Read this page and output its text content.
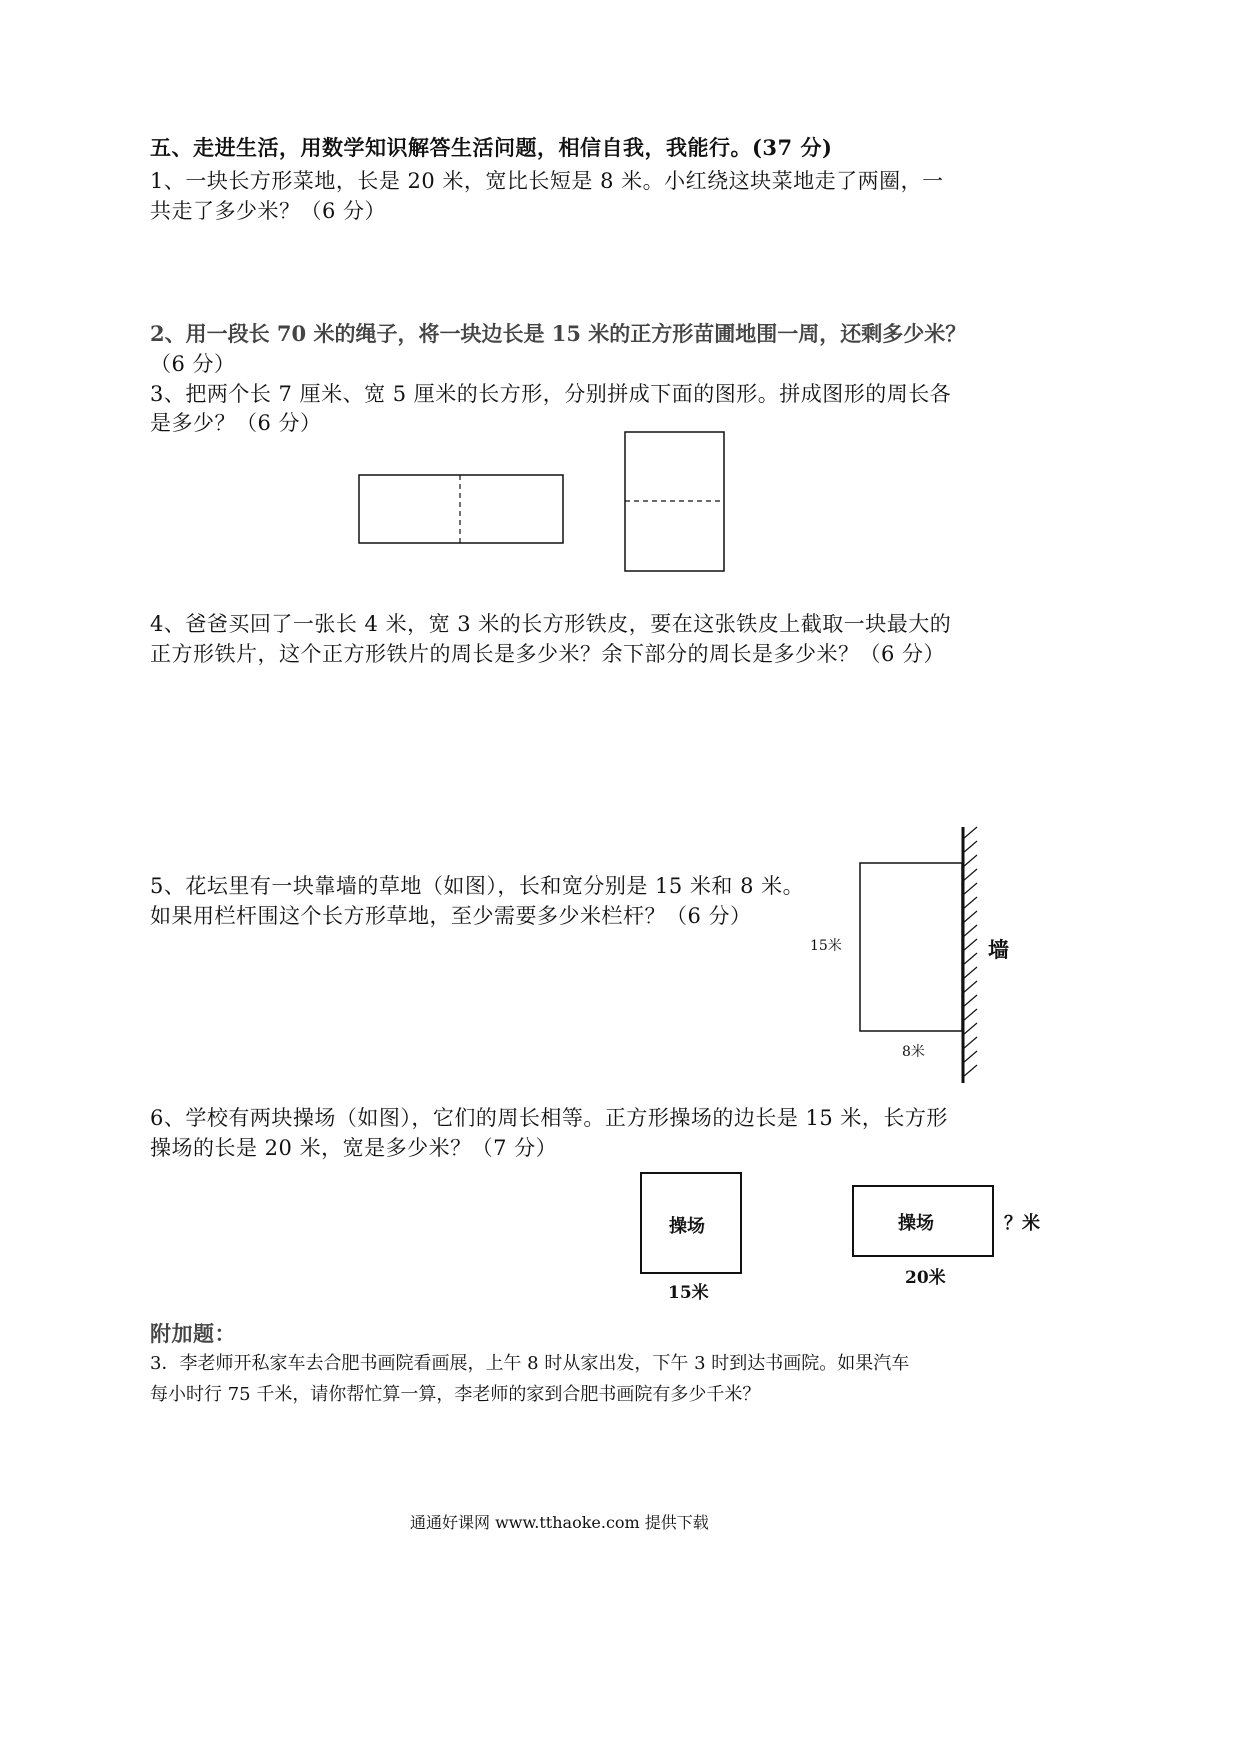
五、走进生活，用数学知识解答生活问题，相信自我，我能行。(37 分)
1、一块长方形菜地，长是 20 米，宽比长短是 8 米。小红绕这块菜地走了两圈，一
共走了多少米？（6 分）
2、用一段长 70 米的绳子，将一块边长是 15 米的正方形苗圃地围一周，还剩多少米？
（6 分）
3、把两个长 7 厘米、宽 5 厘米的长方形，分别拼成下面的图形。拼成图形的周长各
是多少？（6 分）
4、爸爸买回了一张长 4 米，宽 3 米的长方形铁皮，要在这张铁皮上截取一块最大的
正方形铁片，这个正方形铁片的周长是多少米？余下部分的周长是多少米？（6 分）
5、花坛里有一块靠墙的草地（如图），长和宽分别是 15 米和 8 米。
如果用栏杆围这个长方形草地，至少需要多少米栏杆？（6 分）
15米
8米
墙
6、学校有两块操场（如图），它们的周长相等。正方形操场的边长是 15 米，长方形
操场的长是 20 米，宽是多少米？（7 分）
操场
15米
操场
20米
？米
附加题：
3．李老师开私家车去合肥书画院看画展，上午 8 时从家出发，下午 3 时到达书画院。如果汽车
每小时行 75 千米，请你帮忙算一算，李老师的家到合肥书画院有多少千米？
通通好课网 www.tthaoke.com 提供下载
